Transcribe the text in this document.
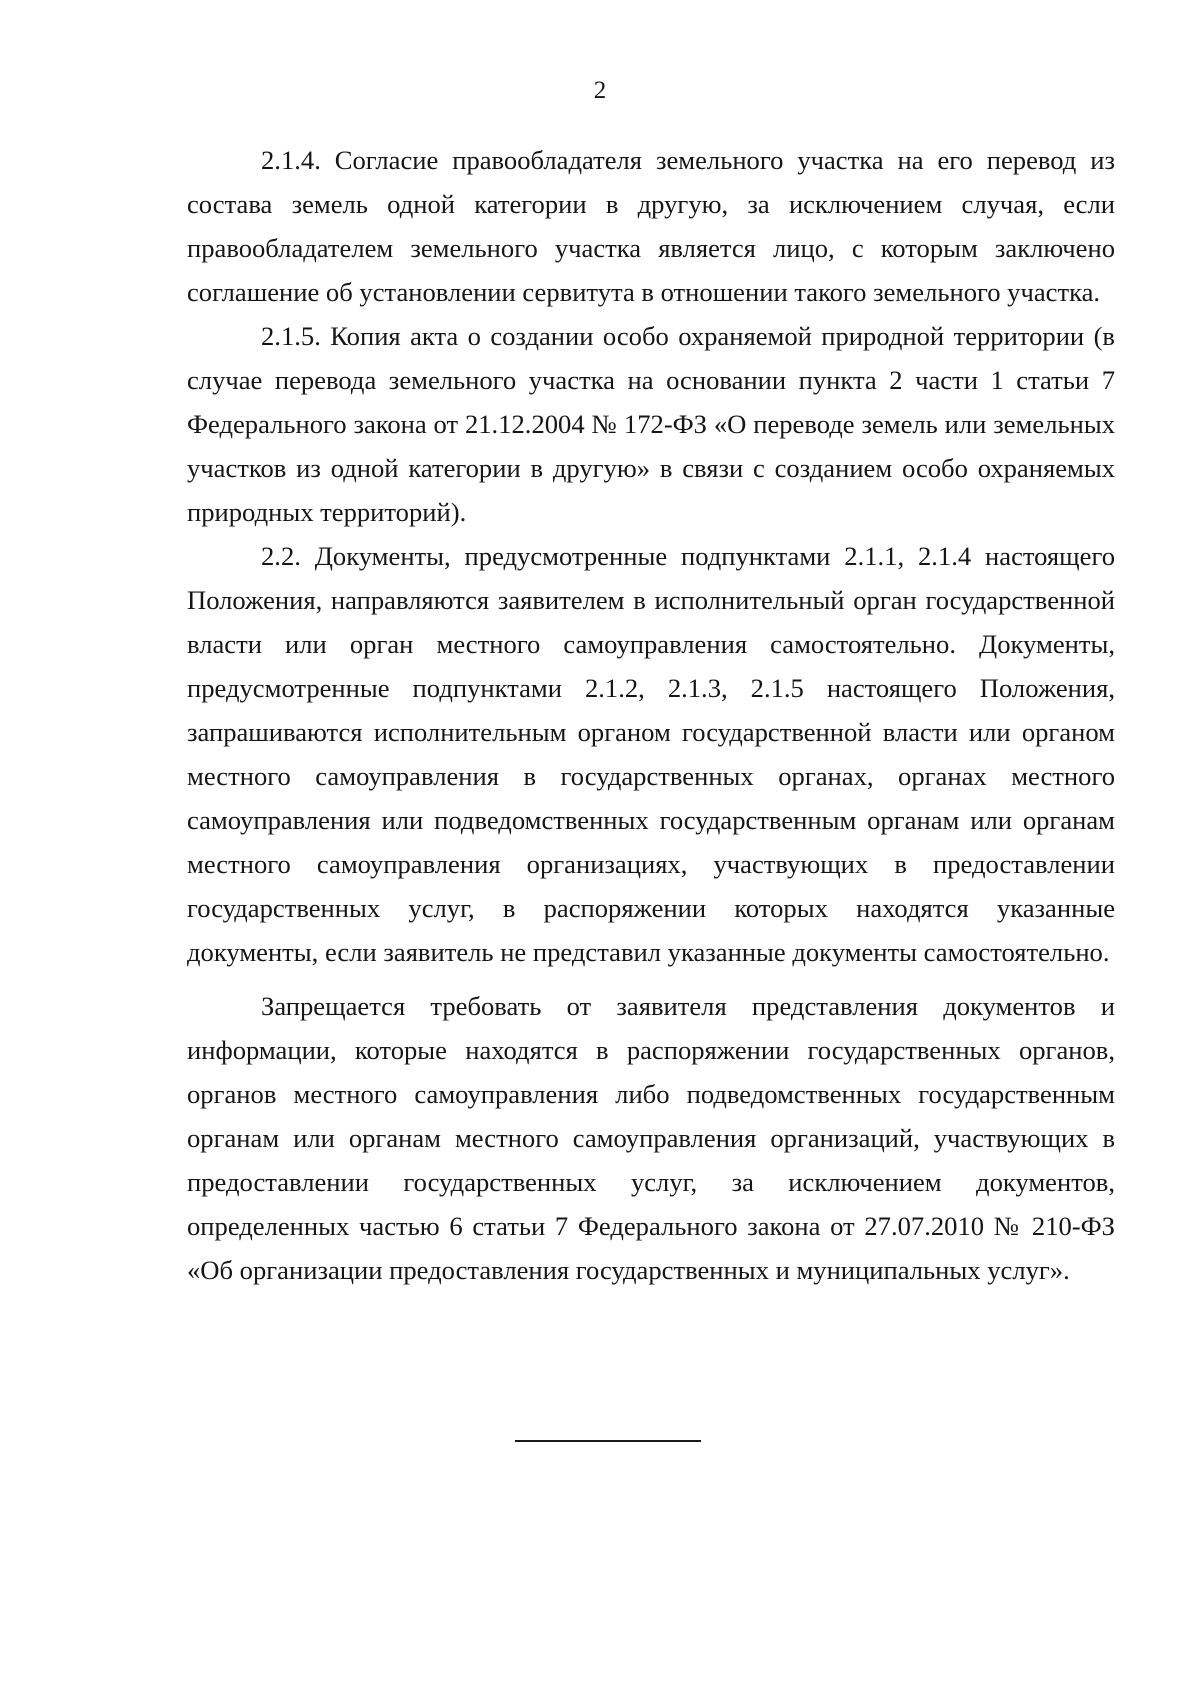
2

2.1.4. Согласие правообладателя земельного участка на его перевод из состава земель одной категории в другую, за исключением случая, если правообладателем земельного участка является лицо, с которым заключено соглашение об установлении сервитута в отношении такого земельного участка.

2.1.5. Копия акта о создании особо охраняемой природной территории (в случае перевода земельного участка на основании пункта 2 части 1 статьи 7 Федерального закона от 21.12.2004 № 172-ФЗ «О переводе земель или земельных участков из одной категории в другую» в связи с созданием особо охраняемых природных территорий).

2.2. Документы, предусмотренные подпунктами 2.1.1, 2.1.4 настоящего Положения, направляются заявителем в исполнительный орган государственной власти или орган местного самоуправления самостоятельно. Документы, предусмотренные подпунктами 2.1.2, 2.1.3, 2.1.5 настоящего Положения, запрашиваются исполнительным органом государственной власти или органом местного самоуправления в государственных органах, органах местного самоуправления или подведомственных государственным органам или органам местного самоуправления организациях, участвующих в предоставлении государственных услуг, в распоряжении которых находятся указанные документы, если заявитель не представил указанные документы самостоятельно.

Запрещается требовать от заявителя представления документов и информации, которые находятся в распоряжении государственных органов, органов местного самоуправления либо подведомственных государственным органам или органам местного самоуправления организаций, участвующих в предоставлении государственных услуг, за исключением документов, определенных частью 6 статьи 7 Федерального закона от 27.07.2010 № 210-ФЗ «Об организации предоставления государственных и муниципальных услуг».
